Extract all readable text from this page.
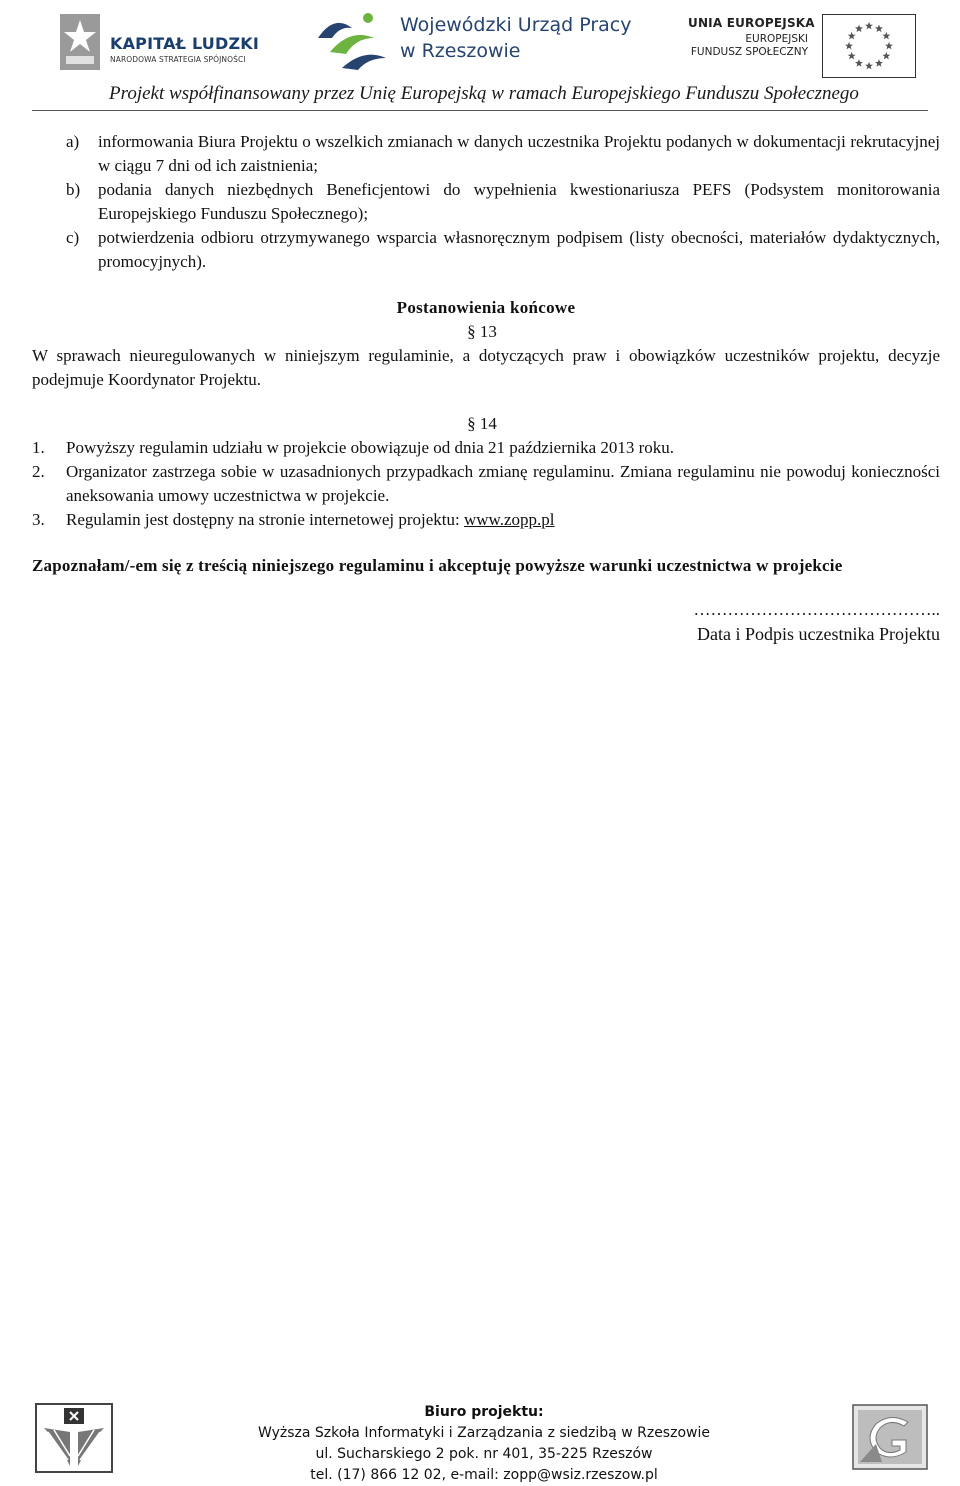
KAPITAŁ LUDZKI
NARODOWA STRATEGIA SPÓJNOŚCI
Wojewódzki Urząd Pracy
w Rzeszowie
UNIA EUROPEJSKA
EUROPEJSKI
FUNDUSZ SPOŁECZNY
Projekt współfinansowany przez Unię Europejską w ramach Europejskiego Funduszu Społecznego
a) informowania Biura Projektu o wszelkich zmianach w danych uczestnika Projektu podanych w dokumentacji rekrutacyjnej w ciągu 7 dni od ich zaistnienia;
b) podania danych niezbędnych Beneficjentowi do wypełnienia kwestionariusza PEFS (Podsystem monitorowania Europejskiego Funduszu Społecznego);
c) potwierdzenia odbioru otrzymywanego wsparcia własnoręcznym podpisem (listy obecności, materiałów dydaktycznych, promocyjnych).
Postanowienia końcowe
§ 13
W sprawach nieuregulowanych w niniejszym regulaminie, a dotyczących praw i obowiązków uczestników projektu, decyzje podejmuje Koordynator Projektu.
§ 14
1. Powyższy regulamin udziału w projekcie obowiązuje od dnia 21 października 2013 roku.
2. Organizator zastrzega sobie w uzasadnionych przypadkach zmianę regulaminu. Zmiana regulaminu nie powoduj konieczności aneksowania umowy uczestnictwa w projekcie.
3. Regulamin jest dostępny na stronie internetowej projektu: www.zopp.pl
Zapoznałam/-em się z treścią niniejszego regulaminu i akceptuję powyższe warunki uczestnictwa w projekcie
……………………………………..
Data i Podpis uczestnika Projektu
Biuro projektu:
Wyższa Szkoła Informatyki i Zarządzania z siedzibą w Rzeszowie
ul. Sucharskiego 2 pok. nr 401, 35-225 Rzeszów
tel. (17) 866 12 02, e-mail: zopp@wsiz.rzeszow.pl
